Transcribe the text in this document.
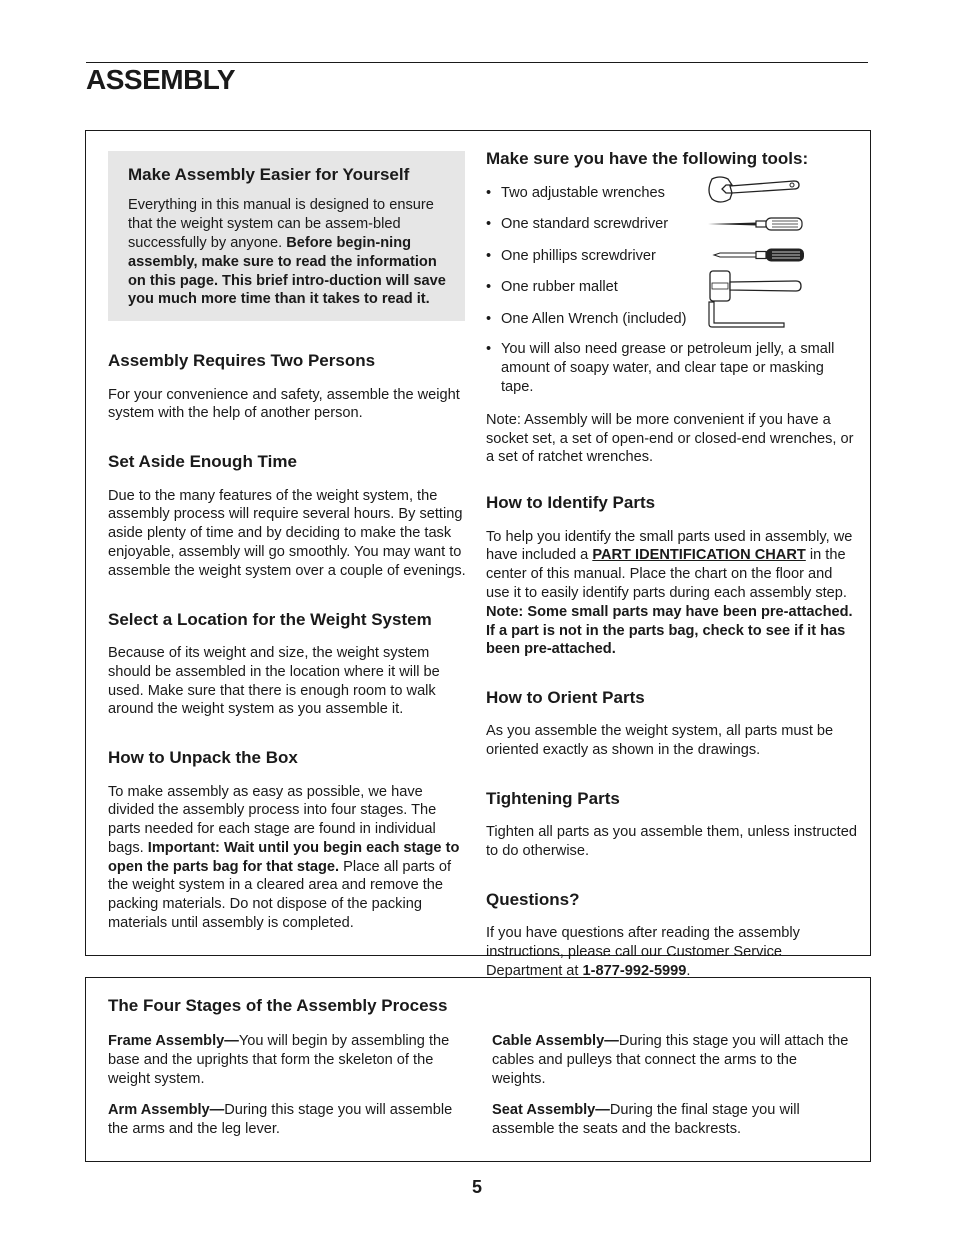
ASSEMBLY
Make Assembly Easier for Yourself

Everything in this manual is designed to ensure that the weight system can be assem-bled successfully by anyone. Before begin-ning assembly, make sure to read the information on this page. This brief intro-duction will save you much more time than it takes to read it.

Assembly Requires Two Persons

For your convenience and safety, assemble the weight system with the help of another person.

Set Aside Enough Time

Due to the many features of the weight system, the assembly process will require several hours. By setting aside plenty of time and by deciding to make the task enjoyable, assembly will go smoothly. You may want to assemble the weight system over a couple of evenings.

Select a Location for the Weight System

Because of its weight and size, the weight system should be assembled in the location where it will be used. Make sure that there is enough room to walk around the weight system as you assemble it.

How to Unpack the Box

To make assembly as easy as possible, we have divided the assembly process into four stages. The parts needed for each stage are found in individual bags. Important: Wait until you begin each stage to open the parts bag for that stage. Place all parts of the weight system in a cleared area and remove the packing materials. Do not dispose of the packing materials until assembly is completed.

Make sure you have the following tools:
• Two adjustable wrenches
• One standard screwdriver
• One phillips screwdriver
• One rubber mallet
• One Allen Wrench (included)
• You will also need grease or petroleum jelly, a small amount of soapy water, and clear tape or masking tape.

Note: Assembly will be more convenient if you have a socket set, a set of open-end or closed-end wrenches, or a set of ratchet wrenches.

How to Identify Parts

To help you identify the small parts used in assembly, we have included a PART IDENTIFICATION CHART in the center of this manual. Place the chart on the floor and use it to easily identify parts during each assembly step. Note: Some small parts may have been pre-attached. If a part is not in the parts bag, check to see if it has been pre-attached.

How to Orient Parts

As you assemble the weight system, all parts must be oriented exactly as shown in the drawings.

Tightening Parts

Tighten all parts as you assemble them, unless instructed to do otherwise.

Questions?

If you have questions after reading the assembly instructions, please call our Customer Service Department at 1-877-992-5999.

The Four Stages of the Assembly Process

Frame Assembly—You will begin by assembling the base and the uprights that form the skeleton of the weight system.

Arm Assembly—During this stage you will assemble the arms and the leg lever.

Cable Assembly—During this stage you will attach the cables and pulleys that connect the arms to the weights.

Seat Assembly—During the final stage you will assemble the seats and the backrests.

5
